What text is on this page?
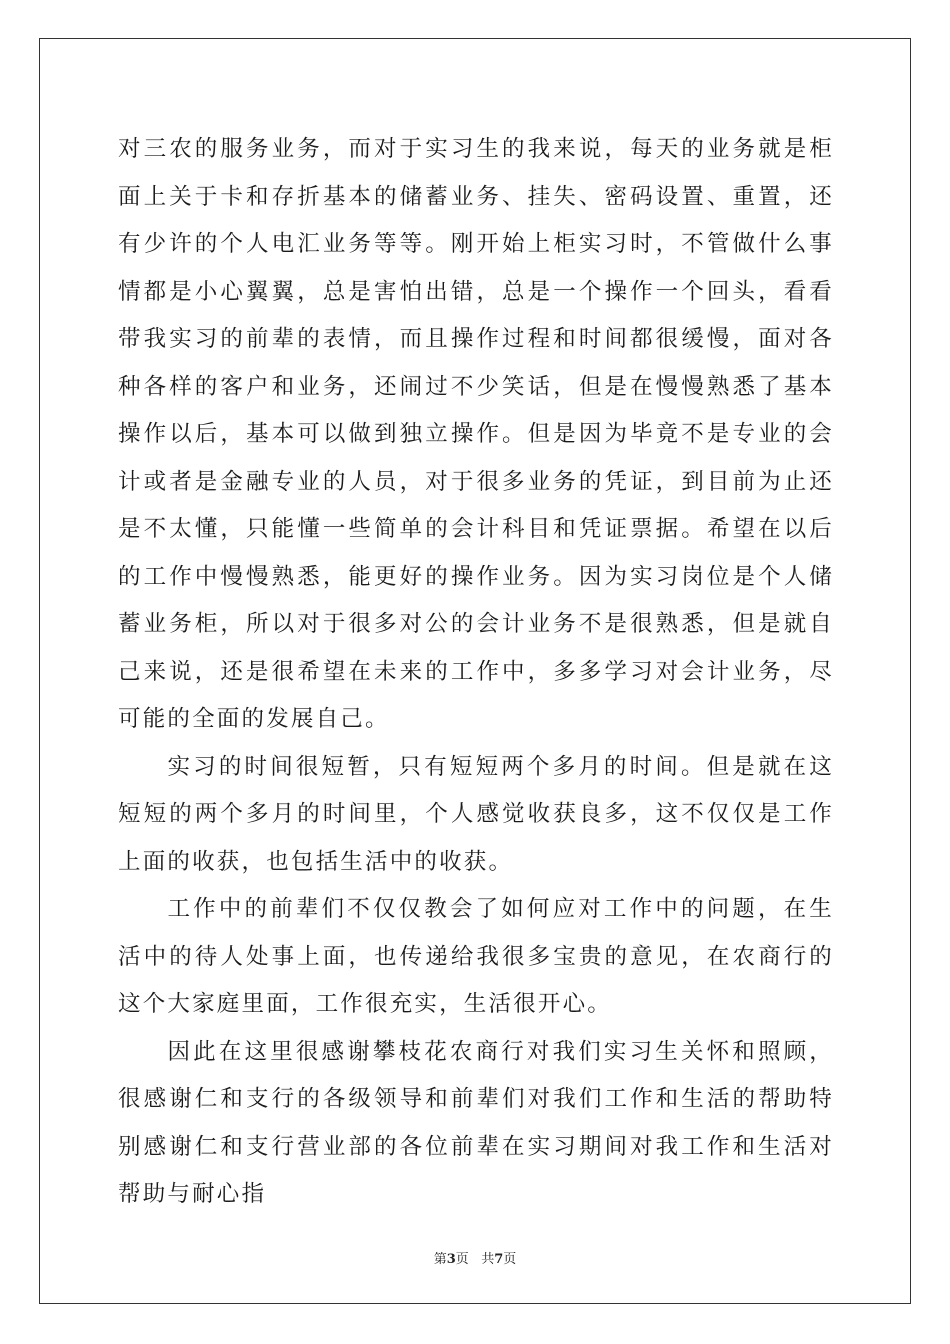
对三农的服务业务，而对于实习生的我来说，每天的业务就是柜面上关于卡和存折基本的储蓄业务、挂失、密码设置、重置，还有少许的个人电汇业务等等。刚开始上柜实习时，不管做什么事情都是小心翼翼，总是害怕出错，总是一个操作一个回头，看看带我实习的前辈的表情，而且操作过程和时间都很缓慢，面对各种各样的客户和业务，还闹过不少笑话，但是在慢慢熟悉了基本操作以后，基本可以做到独立操作。但是因为毕竟不是专业的会计或者是金融专业的人员，对于很多业务的凭证，到目前为止还是不太懂，只能懂一些简单的会计科目和凭证票据。希望在以后的工作中慢慢熟悉，能更好的操作业务。因为实习岗位是个人储蓄业务柜，所以对于很多对公的会计业务不是很熟悉，但是就自己来说，还是很希望在未来的工作中，多多学习对会计业务，尽可能的全面的发展自己。

实习的时间很短暂，只有短短两个多月的时间。但是就在这短短的两个多月的时间里，个人感觉收获良多，这不仅仅是工作上面的收获，也包括生活中的收获。

工作中的前辈们不仅仅教会了如何应对工作中的问题，在生活中的待人处事上面，也传递给我很多宝贵的意见，在农商行的这个大家庭里面，工作很充实，生活很开心。

因此在这里很感谢攀枝花农商行对我们实习生关怀和照顾，很感谢仁和支行的各级领导和前辈们对我们工作和生活的帮助特别感谢仁和支行营业部的各位前辈在实习期间对我工作和生活对帮助与耐心指

第3页 共7页
